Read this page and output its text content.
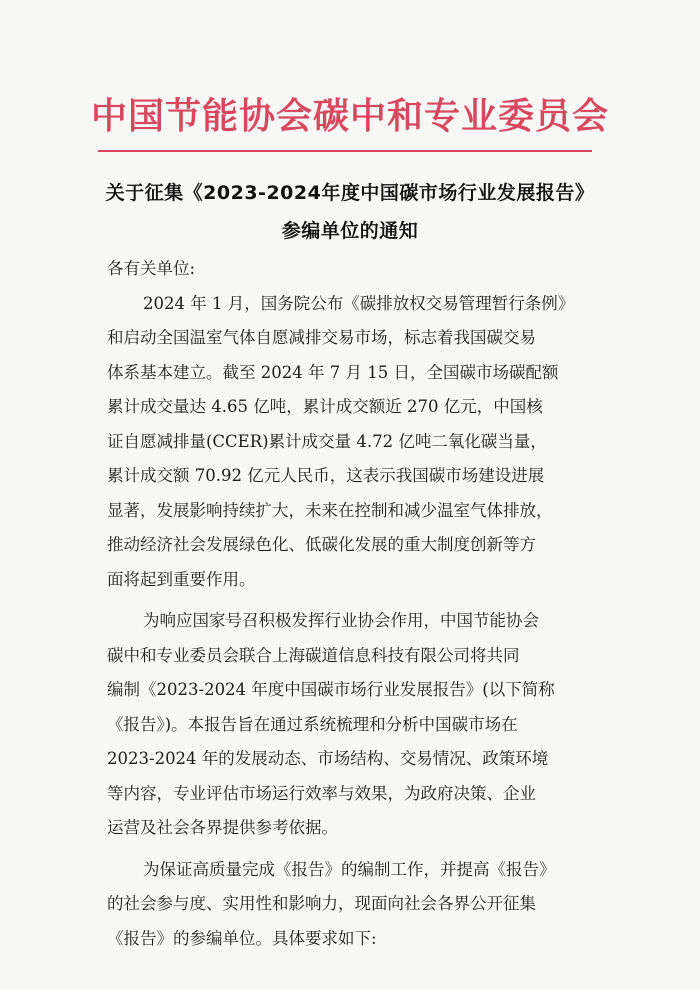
中国节能协会碳中和专业委员会
关于征集《2023-2024年度中国碳市场行业发展报告》
参编单位的通知

各有关单位:

2024 年 1 月，国务院公布《碳排放权交易管理暂行条例》
和启动全国温室气体自愿减排交易市场，标志着我国碳交易
体系基本建立。截至 2024 年 7 月 15 日，全国碳市场碳配额
累计成交量达 4.65 亿吨，累计成交额近 270 亿元，中国核
证自愿减排量(CCER)累计成交量 4.72 亿吨二氧化碳当量，
累计成交额 70.92 亿元人民币，这表示我国碳市场建设进展
显著，发展影响持续扩大，未来在控制和减少温室气体排放，
推动经济社会发展绿色化、低碳化发展的重大制度创新等方
面将起到重要作用。

为响应国家号召积极发挥行业协会作用，中国节能协会
碳中和专业委员会联合上海碳道信息科技有限公司将共同
编制《2023-2024 年度中国碳市场行业发展报告》(以下简称
《报告》)。本报告旨在通过系统梳理和分析中国碳市场在
2023-2024 年的发展动态、市场结构、交易情况、政策环境
等内容，专业评估市场运行效率与效果，为政府决策、企业
运营及社会各界提供参考依据。

为保证高质量完成《报告》的编制工作，并提高《报告》
的社会参与度、实用性和影响力，现面向社会各界公开征集
《报告》的参编单位。具体要求如下:
